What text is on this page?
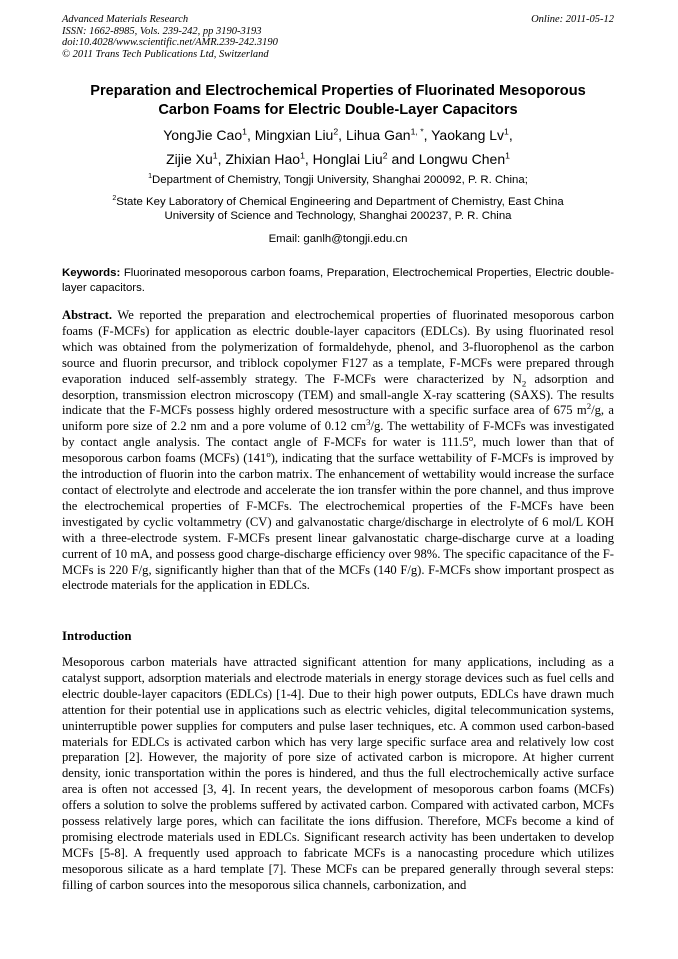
Advanced Materials Research
ISSN: 1662-8985, Vols. 239-242, pp 3190-3193
doi:10.4028/www.scientific.net/AMR.239-242.3190
© 2011 Trans Tech Publications Ltd, Switzerland
Online: 2011-05-12
Preparation and Electrochemical Properties of Fluorinated Mesoporous
Carbon Foams for Electric Double-Layer Capacitors
YongJie Cao$^1$, Mingxian Liu$^2$, Lihua Gan$^{1, *}$, Yaokang Lv$^1$,
Zijie Xu$^1$, Zhixian Hao$^1$, Honglai Liu$^2$ and Longwu Chen$^1$
$^1$Department of Chemistry, Tongji University, Shanghai 200092, P. R. China;
$^2$State Key Laboratory of Chemical Engineering and Department of Chemistry, East China
University of Science and Technology, Shanghai 200237, P. R. China
Email: ganlh@tongji.edu.cn
Keywords: Fluorinated mesoporous carbon foams, Preparation, Electrochemical Properties, Electric double-layer capacitors.
Abstract. We reported the preparation and electrochemical properties of fluorinated mesoporous carbon foams (F-MCFs) for application as electric double-layer capacitors (EDLCs). By using fluorinated resol which was obtained from the polymerization of formaldehyde, phenol, and 3-fluorophenol as the carbon source and fluorin precursor, and triblock copolymer F127 as a template, F-MCFs were prepared through evaporation induced self-assembly strategy. The F-MCFs were characterized by $N_2$ adsorption and desorption, transmission electron microscopy (TEM) and small-angle X-ray scattering (SAXS). The results indicate that the F-MCFs possess highly ordered mesostructure with a specific surface area of 675 $m^2/g$, a uniform pore size of 2.2 nm and a pore volume of 0.12 $cm^3/g$. The wettability of F-MCFs was investigated by contact angle analysis. The contact angle of F-MCFs for water is 111.5$^o$, much lower than that of mesoporous carbon foams (MCFs) (141$^o$), indicating that the surface wettability of F-MCFs is improved by the introduction of fluorin into the carbon matrix. The enhancement of wettability would increase the surface contact of electrolyte and electrode and accelerate the ion transfer within the pore channel, and thus improve the electrochemical properties of F-MCFs. The electrochemical properties of the F-MCFs have been investigated by cyclic voltammetry (CV) and galvanostatic charge/discharge in electrolyte of 6 mol/L KOH with a three-electrode system. F-MCFs present linear galvanostatic charge-discharge curve at a loading current of 10 mA, and possess good charge-discharge efficiency over 98%. The specific capacitance of the F-MCFs is 220 F/g, significantly higher than that of the MCFs (140 F/g). F-MCFs show important prospect as electrode materials for the application in EDLCs.
Introduction
Mesoporous carbon materials have attracted significant attention for many applications, including as a catalyst support, adsorption materials and electrode materials in energy storage devices such as fuel cells and electric double-layer capacitors (EDLCs) [1-4]. Due to their high power outputs, EDLCs have drawn much attention for their potential use in applications such as electric vehicles, digital telecommunication systems, uninterruptible power supplies for computers and pulse laser techniques, etc. A common used carbon-based materials for EDLCs is activated carbon which has very large specific surface area and relatively low cost preparation [2]. However, the majority of pore size of activated carbon is micropore. At higher current density, ionic transportation within the pores is hindered, and thus the full electrochemically active surface area is often not accessed [3, 4]. In recent years, the development of mesoporous carbon foams (MCFs) offers a solution to solve the problems suffered by activated carbon. Compared with activated carbon, MCFs possess relatively large pores, which can facilitate the ions diffusion. Therefore, MCFs become a kind of promising electrode materials used in EDLCs. Significant research activity has been undertaken to develop MCFs [5-8]. A frequently used approach to fabricate MCFs is a nanocasting procedure which utilizes mesoporous silicate as a hard template [7]. These MCFs can be prepared generally through several steps: filling of carbon sources into the mesoporous silica channels, carbonization, and
